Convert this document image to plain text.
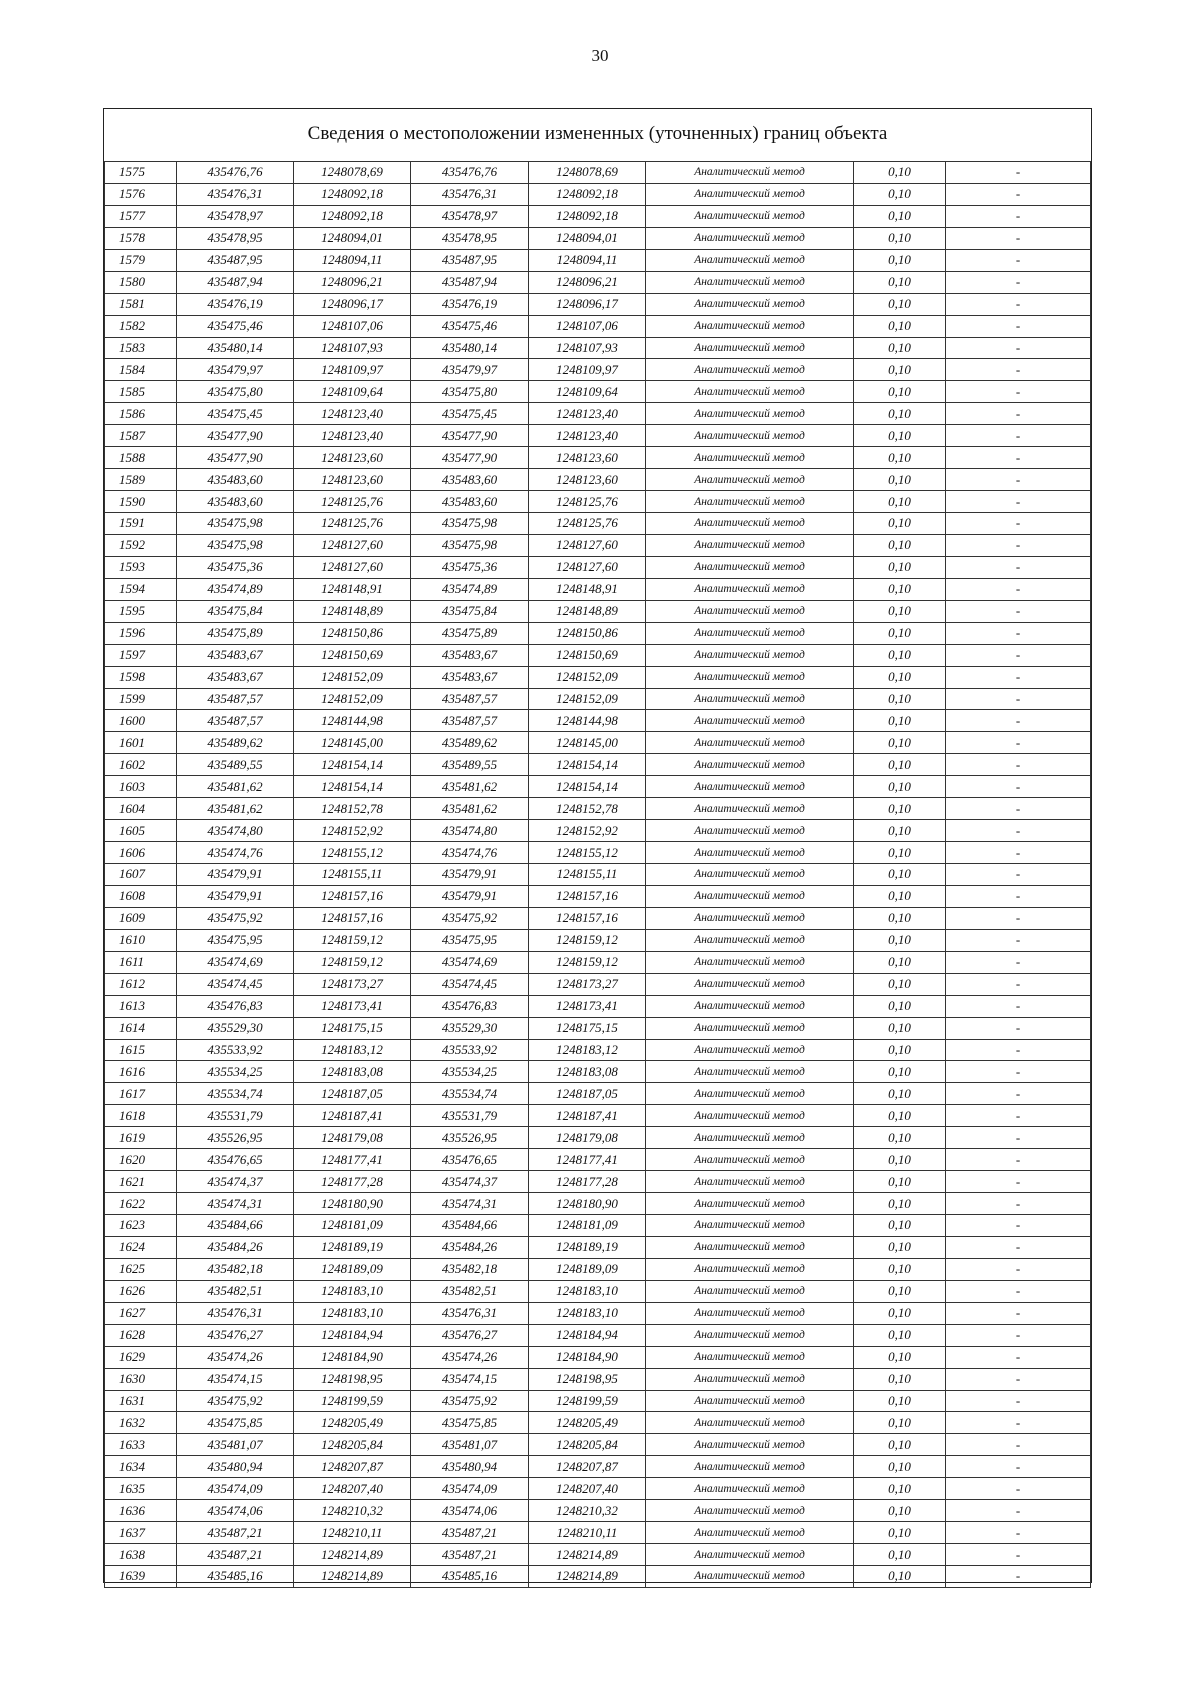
30
Сведения о местоположении измененных (уточненных) границ объекта
1575	435476,76	1248078,69	435476,76	1248078,69	Аналитический метод	0,10	-
1576	435476,31	1248092,18	435476,31	1248092,18	Аналитический метод	0,10	-
1577	435478,97	1248092,18	435478,97	1248092,18	Аналитический метод	0,10	-
1578	435478,95	1248094,01	435478,95	1248094,01	Аналитический метод	0,10	-
1579	435487,95	1248094,11	435487,95	1248094,11	Аналитический метод	0,10	-
1580	435487,94	1248096,21	435487,94	1248096,21	Аналитический метод	0,10	-
1581	435476,19	1248096,17	435476,19	1248096,17	Аналитический метод	0,10	-
1582	435475,46	1248107,06	435475,46	1248107,06	Аналитический метод	0,10	-
1583	435480,14	1248107,93	435480,14	1248107,93	Аналитический метод	0,10	-
1584	435479,97	1248109,97	435479,97	1248109,97	Аналитический метод	0,10	-
1585	435475,80	1248109,64	435475,80	1248109,64	Аналитический метод	0,10	-
1586	435475,45	1248123,40	435475,45	1248123,40	Аналитический метод	0,10	-
1587	435477,90	1248123,40	435477,90	1248123,40	Аналитический метод	0,10	-
1588	435477,90	1248123,60	435477,90	1248123,60	Аналитический метод	0,10	-
1589	435483,60	1248123,60	435483,60	1248123,60	Аналитический метод	0,10	-
1590	435483,60	1248125,76	435483,60	1248125,76	Аналитический метод	0,10	-
1591	435475,98	1248125,76	435475,98	1248125,76	Аналитический метод	0,10	-
1592	435475,98	1248127,60	435475,98	1248127,60	Аналитический метод	0,10	-
1593	435475,36	1248127,60	435475,36	1248127,60	Аналитический метод	0,10	-
1594	435474,89	1248148,91	435474,89	1248148,91	Аналитический метод	0,10	-
1595	435475,84	1248148,89	435475,84	1248148,89	Аналитический метод	0,10	-
1596	435475,89	1248150,86	435475,89	1248150,86	Аналитический метод	0,10	-
1597	435483,67	1248150,69	435483,67	1248150,69	Аналитический метод	0,10	-
1598	435483,67	1248152,09	435483,67	1248152,09	Аналитический метод	0,10	-
1599	435487,57	1248152,09	435487,57	1248152,09	Аналитический метод	0,10	-
1600	435487,57	1248144,98	435487,57	1248144,98	Аналитический метод	0,10	-
1601	435489,62	1248145,00	435489,62	1248145,00	Аналитический метод	0,10	-
1602	435489,55	1248154,14	435489,55	1248154,14	Аналитический метод	0,10	-
1603	435481,62	1248154,14	435481,62	1248154,14	Аналитический метод	0,10	-
1604	435481,62	1248152,78	435481,62	1248152,78	Аналитический метод	0,10	-
1605	435474,80	1248152,92	435474,80	1248152,92	Аналитический метод	0,10	-
1606	435474,76	1248155,12	435474,76	1248155,12	Аналитический метод	0,10	-
1607	435479,91	1248155,11	435479,91	1248155,11	Аналитический метод	0,10	-
1608	435479,91	1248157,16	435479,91	1248157,16	Аналитический метод	0,10	-
1609	435475,92	1248157,16	435475,92	1248157,16	Аналитический метод	0,10	-
1610	435475,95	1248159,12	435475,95	1248159,12	Аналитический метод	0,10	-
1611	435474,69	1248159,12	435474,69	1248159,12	Аналитический метод	0,10	-
1612	435474,45	1248173,27	435474,45	1248173,27	Аналитический метод	0,10	-
1613	435476,83	1248173,41	435476,83	1248173,41	Аналитический метод	0,10	-
1614	435529,30	1248175,15	435529,30	1248175,15	Аналитический метод	0,10	-
1615	435533,92	1248183,12	435533,92	1248183,12	Аналитический метод	0,10	-
1616	435534,25	1248183,08	435534,25	1248183,08	Аналитический метод	0,10	-
1617	435534,74	1248187,05	435534,74	1248187,05	Аналитический метод	0,10	-
1618	435531,79	1248187,41	435531,79	1248187,41	Аналитический метод	0,10	-
1619	435526,95	1248179,08	435526,95	1248179,08	Аналитический метод	0,10	-
1620	435476,65	1248177,41	435476,65	1248177,41	Аналитический метод	0,10	-
1621	435474,37	1248177,28	435474,37	1248177,28	Аналитический метод	0,10	-
1622	435474,31	1248180,90	435474,31	1248180,90	Аналитический метод	0,10	-
1623	435484,66	1248181,09	435484,66	1248181,09	Аналитический метод	0,10	-
1624	435484,26	1248189,19	435484,26	1248189,19	Аналитический метод	0,10	-
1625	435482,18	1248189,09	435482,18	1248189,09	Аналитический метод	0,10	-
1626	435482,51	1248183,10	435482,51	1248183,10	Аналитический метод	0,10	-
1627	435476,31	1248183,10	435476,31	1248183,10	Аналитический метод	0,10	-
1628	435476,27	1248184,94	435476,27	1248184,94	Аналитический метод	0,10	-
1629	435474,26	1248184,90	435474,26	1248184,90	Аналитический метод	0,10	-
1630	435474,15	1248198,95	435474,15	1248198,95	Аналитический метод	0,10	-
1631	435475,92	1248199,59	435475,92	1248199,59	Аналитический метод	0,10	-
1632	435475,85	1248205,49	435475,85	1248205,49	Аналитический метод	0,10	-
1633	435481,07	1248205,84	435481,07	1248205,84	Аналитический метод	0,10	-
1634	435480,94	1248207,87	435480,94	1248207,87	Аналитический метод	0,10	-
1635	435474,09	1248207,40	435474,09	1248207,40	Аналитический метод	0,10	-
1636	435474,06	1248210,32	435474,06	1248210,32	Аналитический метод	0,10	-
1637	435487,21	1248210,11	435487,21	1248210,11	Аналитический метод	0,10	-
1638	435487,21	1248214,89	435487,21	1248214,89	Аналитический метод	0,10	-
1639	435485,16	1248214,89	435485,16	1248214,89	Аналитический метод	0,10	-
